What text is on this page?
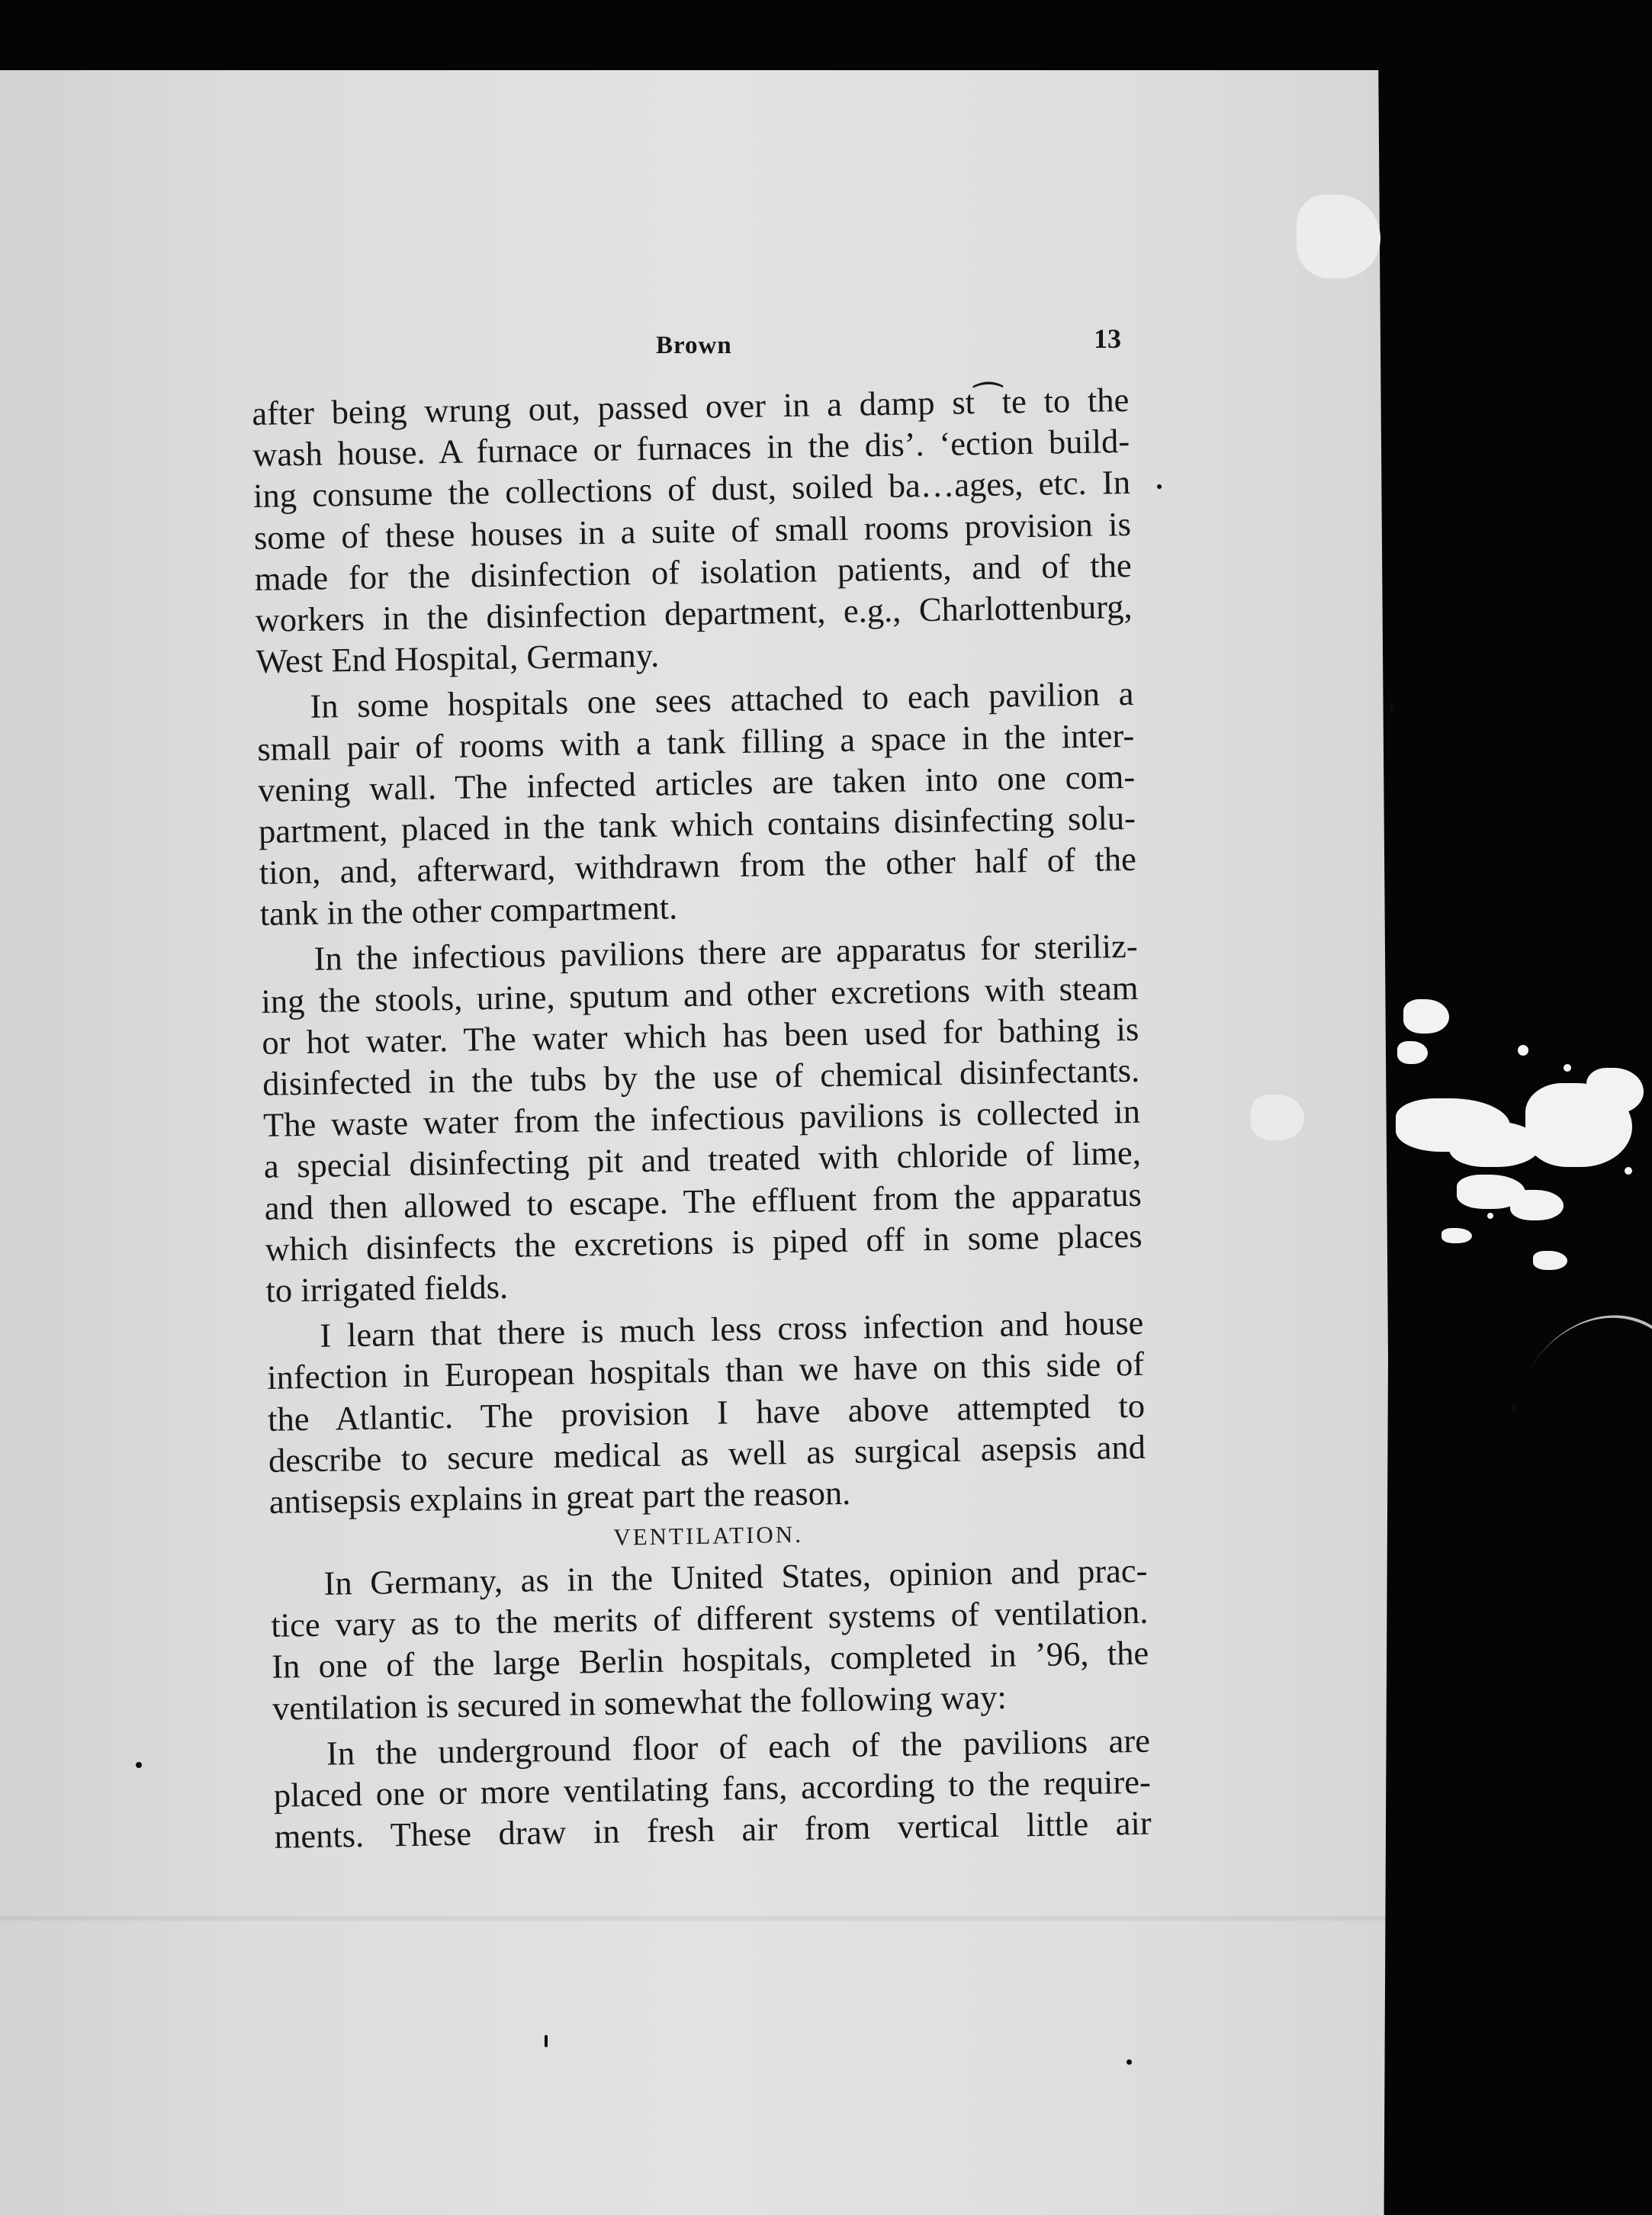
Brown	13
after being wrung out, passed over in a damp st⁀te to the
wash house. A furnace or furnaces in the dis’. ‘ection build-
ing consume the collections of dust, soiled ba…ages, etc. In
some of these houses in a suite of small rooms provision is
made for the disinfection of isolation patients, and of the
workers in the disinfection department, e.g., Charlottenburg,
West End Hospital, Germany.
In some hospitals one sees attached to each pavilion a
small pair of rooms with a tank filling a space in the inter-
vening wall. The infected articles are taken into one com-
partment, placed in the tank which contains disinfecting solu-
tion, and, afterward, withdrawn from the other half of the
tank in the other compartment.
In the infectious pavilions there are apparatus for steriliz-
ing the stools, urine, sputum and other excretions with steam
or hot water. The water which has been used for bathing is
disinfected in the tubs by the use of chemical disinfectants.
The waste water from the infectious pavilions is collected in
a special disinfecting pit and treated with chloride of lime,
and then allowed to escape. The effluent from the apparatus
which disinfects the excretions is piped off in some places
to irrigated fields.
I learn that there is much less cross infection and house
infection in European hospitals than we have on this side of
the Atlantic. The provision I have above attempted to
describe to secure medical as well as surgical asepsis and
antisepsis explains in great part the reason.
VENTILATION.
In Germany, as in the United States, opinion and prac-
tice vary as to the merits of different systems of ventilation.
In one of the large Berlin hospitals, completed in ’96, the
ventilation is secured in somewhat the following way:
In the underground floor of each of the pavilions are
placed one or more ventilating fans, according to the require-
ments. These draw in fresh air from vertical little air
